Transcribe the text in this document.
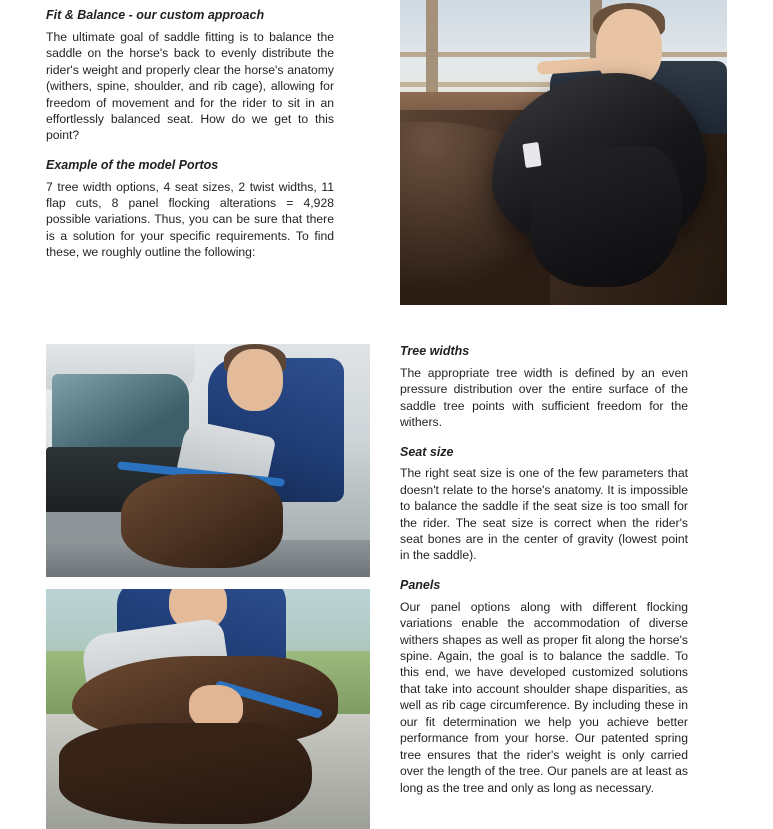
Fit & Balance - our custom approach

The ultimate goal of saddle fitting is to balance the saddle on the horse's back to evenly distribute the rider's weight and properly clear the horse's anatomy (withers, spine, shoulder, and rib cage), allowing for freedom of movement and for the rider to sit in an effortlessly balanced seat. How do we get to this point?

Example of the model Portos

7 tree width options, 4 seat sizes, 2 twist widths, 11 flap cuts, 8 panel flocking alterations = 4,928 possible variations. Thus, you can be sure that there is a solution for your specific requirements. To find these, we roughly outline the following:

Tree widths

The appropriate tree width is defined by an even pressure distribution over the entire surface of the saddle tree points with sufficient freedom for the withers.

Seat size

The right seat size is one of the few parameters that doesn't relate to the horse's anatomy. It is impossible to balance the saddle if the seat size is too small for the rider. The seat size is correct when the rider's seat bones are in the center of gravity (lowest point in the saddle).

Panels

Our panel options along with different flocking variations enable the accommodation of diverse withers shapes as well as proper fit along the horse's spine. Again, the goal is to balance the saddle. To this end, we have developed customized solutions that take into account shoulder shape disparities, as well as rib cage circumference. By including these in our fit determination we help you achieve better performance from your horse. Our patented spring tree ensures that the rider's weight is only carried over the length of the tree. Our panels are at least as long as the tree and only as long as necessary.
